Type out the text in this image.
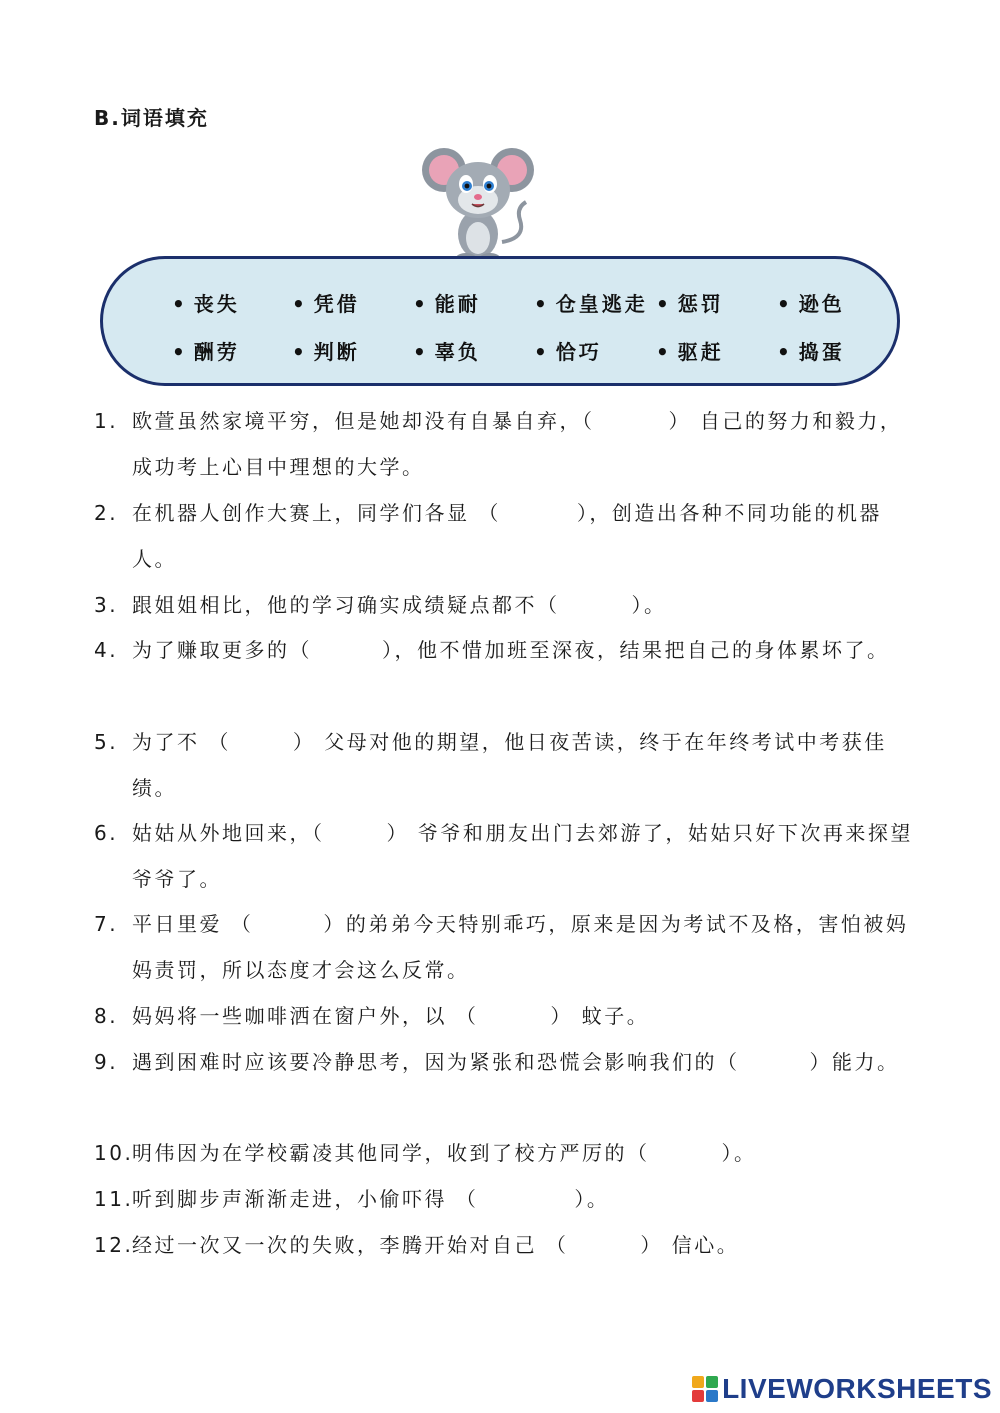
B.词语填充
• 丧失	• 凭借	• 能耐	• 仓皇逃走	• 惩罚	• 逊色
• 酬劳	• 判断	• 辜负	• 恰巧	• 驱赶	• 捣蛋
1. 欧萱虽然家境平穷，但是她却没有自暴自弃，（	） 自己的努力和毅力，成功考上心目中理想的大学。
2. 在机器人创作大赛上，同学们各显 （	），创造出各种不同功能的机器人。
3. 跟姐姐相比，他的学习确实成绩疑点都不（	）。
4. 为了赚取更多的（	），他不惜加班至深夜，结果把自己的身体累坏了。
5. 为了不 （	） 父母对他的期望，他日夜苦读，终于在年终考试中考获佳绩。
6. 姑姑从外地回来，（	） 爷爷和朋友出门去郊游了，姑姑只好下次再来探望爷爷了。
7. 平日里爱 （	）的弟弟今天特别乖巧，原来是因为考试不及格，害怕被妈妈责罚，所以态度才会这么反常。
8. 妈妈将一些咖啡洒在窗户外，以 （	） 蚊子。
9. 遇到困难时应该要冷静思考，因为紧张和恐慌会影响我们的（	）能力。
10.
明伟因为在学校霸凌其他同学，收到了校方严厉的（	）。
11.
听到脚步声渐渐走进，小偷吓得 （	）。
12.
经过一次又一次的失败，李腾开始对自己 （	） 信心。
LIVEWORKSHEETS
